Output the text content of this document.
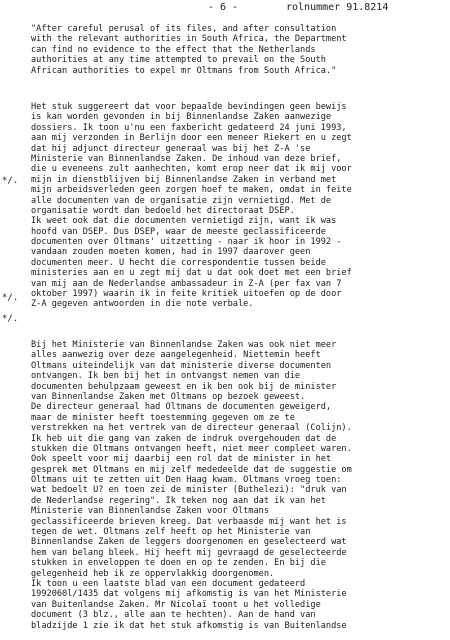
- 6 -	rolnummer 91.8214
"After careful perusal of its files, and after consultation
with the relevant authorities in South Africa, the Department
can find no evidence to the effect that the Netherlands
authorities at any time attempted to prevail on the South
African authorities to expel mr Oltmans from South Africa."
Het stuk suggereert dat voor bepaalde bevindingen geen bewijs
is kan worden gevonden in bij Binnenlandse Zaken aanwezige
dossiers. Ik toon u'nu een faxbericht gedateerd 24 juni 1993,
aan mij verzonden in Berlijn door een meneer Riekert en u zegt
dat hij adjunct directeur generaal was bij het Z-A 'se
Ministerie van Binnenlandse Zaken. De inhoud van deze brief,
die u eveneens zult aanhechten, komt erop neer dat ik mij voor
mijn in dienstblijven bij Binnenlandse Zaken in verband met
mijn arbeidsverleden geen zorgen hoef te maken, omdat in feite
alle documenten van de organisatie zijn vernietigd. Met de
organisatie wordt dan bedoeld het directoraat DSEP.
Ik weet ook dat die documenten vernietigd zijn, want ik was
hoofd van DSEP. Dus DSEP, waar de meeste geclassificeerde
documenten over Oltmans' uitzetting - naar ik hoor in 1992 -
vandaan zouden moeten komen, had in 1997 daarover geen
documenten meer. U hecht die correspondentie tussen beide
ministeries aan en u zegt mij dat u dat ook doet met een brief
van mij aan de Nederlandse ambassadeur in Z-A (per fax van 7
oktober 1997) waarin ik in feite kritiek uitoefen op de door
Z-A gegeven antwoorden in die note verbale.
Bij het Ministerie van Binnenlandse Zaken was ook niet meer
alles aanwezig over deze aangelegenheid. Niettemin heeft
Oltmans uiteindelijk van dat ministerie diverse documenten
ontvangen. Ik ben bij het in ontvangst nemen van die
documenten behulpzaam geweest en ik ben ook bij de minister
van Binnenlandse Zaken met Oltmans op bezoek geweest.
De directeur generaal had Oltmans de documenten geweigerd,
maar de minister heeft toestemming gegeven om ze te
verstrekken na het vertrek van de directeur generaal (Colijn).
Ik heb uit die gang van zaken de indruk overgehouden dat de
stukken die Oltmans ontvangen heeft, niet meer compleet waren.
Ook speelt voor mij daarbij een rol dat de minister in het
gesprek met Oltmans en mij zelf mededeelde dat de suggestie om
Oltmans uit te zetten uit Den Haag kwam. Oltmans vroeg toen:
wat bedoelt U? en toen zei de minister (Buthelezi): "druk van
de Nederlandse regering". Ik teken nog aan dat ik van het
Ministerie van Binnenlandse Zaken voor Oltmans
geclassificeerde brieven kreeg. Dat verbaasde mij want het is
tegen de wet. Oltmans zelf heeft op het Ministerie van
Binnenlandse Zaken de leggers doorgenomen en geselecteerd wat
hem van belang bleek. Hij heeft mij gevraagd de geselecteerde
stukken in enveloppen te doen en op te zenden. En bij die
gelegenheid heb ik ze oppervlakkig doorgenomen.
Ik toon u een laatste blad van een document gedateerd
1992060l/1435 dat volgens mij afkomstig is van het Ministerie
van Buitenlandse Zaken. Mr Nicolaï toont u het volledige
document (3 blz., alle aan te hechten). Aan de hand van
bladzijde 1 zie ik dat het stuk afkomstig is van Buitenlandse
*/.
*/.
*/.
